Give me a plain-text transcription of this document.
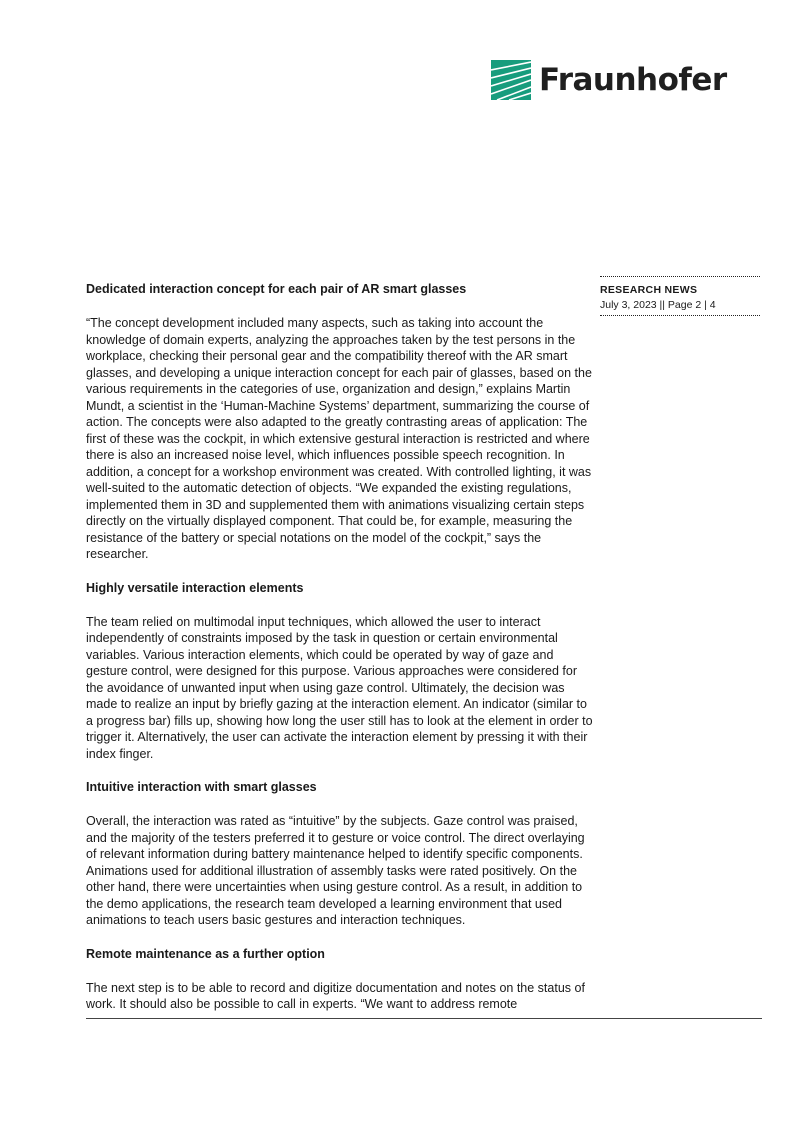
Fraunhofer
RESEARCH NEWS
July 3, 2023 || Page 2 | 4
Dedicated interaction concept for each pair of AR smart glasses

“The concept development included many aspects, such as taking into account the knowledge of domain experts, analyzing the approaches taken by the test persons in the workplace, checking their personal gear and the compatibility thereof with the AR smart glasses, and developing a unique interaction concept for each pair of glasses, based on the various requirements in the categories of use, organization and design,” explains Martin Mundt, a scientist in the ‘Human-Machine Systems’ department, summarizing the course of action. The concepts were also adapted to the greatly contrasting areas of application: The first of these was the cockpit, in which extensive gestural interaction is restricted and where there is also an increased noise level, which influences possible speech recognition. In addition, a concept for a workshop environment was created. With controlled lighting, it was well-suited to the automatic detection of objects. “We expanded the existing regulations, implemented them in 3D and supplemented them with animations visualizing certain steps directly on the virtually displayed component. That could be, for example, measuring the resistance of the battery or special notations on the model of the cockpit,” says the researcher.

Highly versatile interaction elements

The team relied on multimodal input techniques, which allowed the user to interact independently of constraints imposed by the task in question or certain environmental variables. Various interaction elements, which could be operated by way of gaze and gesture control, were designed for this purpose. Various approaches were considered for the avoidance of unwanted input when using gaze control. Ultimately, the decision was made to realize an input by briefly gazing at the interaction element. An indicator (similar to a progress bar) fills up, showing how long the user still has to look at the element in order to trigger it. Alternatively, the user can activate the interaction element by pressing it with their index finger.

Intuitive interaction with smart glasses

Overall, the interaction was rated as “intuitive” by the subjects. Gaze control was praised, and the majority of the testers preferred it to gesture or voice control. The direct overlaying of relevant information during battery maintenance helped to identify specific components. Animations used for additional illustration of assembly tasks were rated positively. On the other hand, there were uncertainties when using gesture control. As a result, in addition to the demo applications, the research team developed a learning environment that used animations to teach users basic gestures and interaction techniques.

Remote maintenance as a further option

The next step is to be able to record and digitize documentation and notes on the status of work. It should also be possible to call in experts. “We want to address remote
